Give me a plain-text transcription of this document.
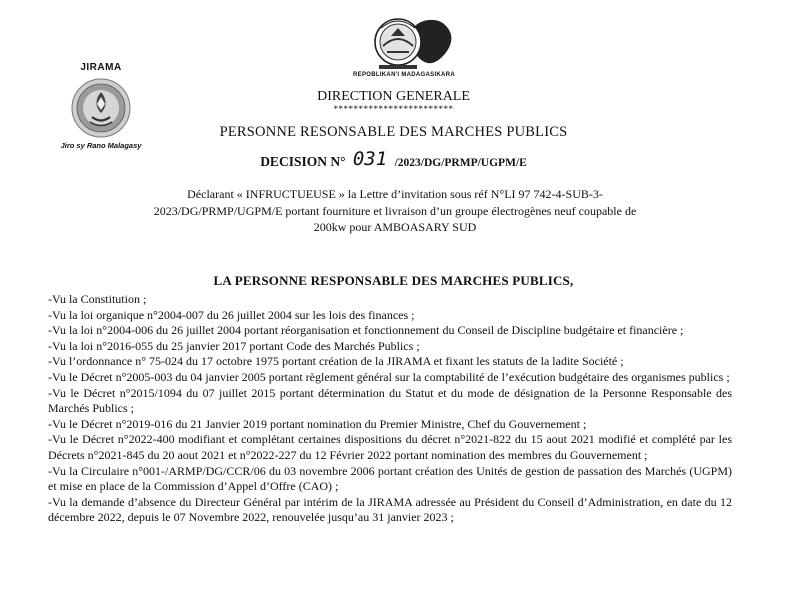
JIRAMA
Jiro sy Rano Malagasy
REPOBLIKAN'I MADAGASIKARA
DIRECTION GENERALE
************************
PERSONNE RESONSABLE DES MARCHES PUBLICS
DECISION N° 031 /2023/DG/PRMP/UGPM/E
Déclarant « INFRUCTUEUSE » la Lettre d’invitation sous réf N°LI 97 742-4-SUB-3-
2023/DG/PRMP/UGPM/E portant fourniture et livraison d’un groupe électrogènes neuf coupable de
200kw pour AMBOASARY SUD
LA PERSONNE RESPONSABLE DES MARCHES PUBLICS,
-Vu la Constitution ;
-Vu la loi organique n°2004-007 du 26 juillet 2004 sur les lois des finances ;
-Vu la loi n°2004-006 du 26 juillet 2004 portant réorganisation et fonctionnement du Conseil de Discipline budgétaire et financière ;
-Vu la loi n°2016-055 du 25 janvier 2017 portant Code des Marchés Publics ;
-Vu l’ordonnance n° 75-024 du 17 octobre 1975 portant création de la JIRAMA et fixant les statuts de la ladite Société ;
-Vu le Décret n°2005-003 du 04 janvier 2005 portant règlement général sur la comptabilité de l’exécution budgétaire des organismes publics ;
-Vu le Décret n°2015/1094 du 07 juillet 2015 portant détermination du Statut et du mode de désignation de la Personne Responsable des Marchés Publics ;
-Vu le Décret n°2019-016 du 21 Janvier 2019 portant nomination du Premier Ministre, Chef du Gouvernement ;
-Vu le Décret n°2022-400 modifiant et complétant certaines dispositions du décret n°2021-822 du 15 aout 2021 modifié et complété par les Décrets n°2021-845 du 20 aout 2021 et n°2022-227 du 12 Février 2022 portant nomination des membres du Gouvernement ;
-Vu la Circulaire n°001-/ARMP/DG/CCR/06 du 03 novembre 2006 portant création des Unités de gestion de passation des Marchés (UGPM) et mise en place de la Commission d’Appel d’Offre (CAO) ;
-Vu la demande d’absence du Directeur Général par intérim de la JIRAMA adressée au Président du Conseil d’Administration, en date du 12 décembre 2022, depuis le 07 Novembre 2022, renouvelée jusqu’au 31 janvier 2023 ;
